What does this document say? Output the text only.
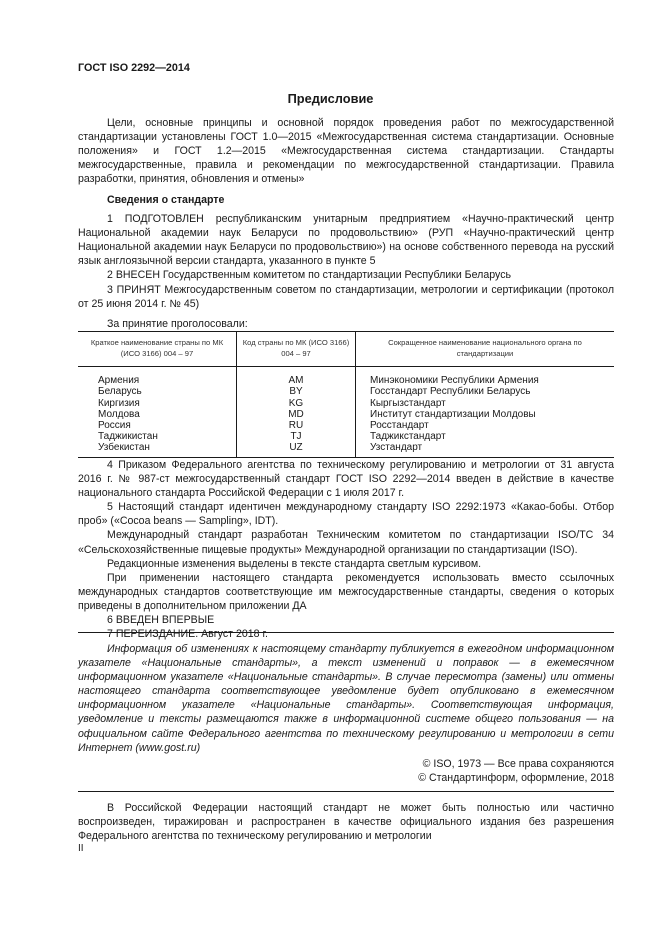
ГОСТ ISO 2292—2014
Предисловие

Цели, основные принципы и основной порядок проведения работ по межгосударственной стандартизации установлены ГОСТ 1.0—2015 «Межгосударственная система стандартизации. Основные положения» и ГОСТ 1.2—2015 «Межгосударственная система стандартизации. Стандарты межгосударственные, правила и рекомендации по межгосударственной стандартизации. Правила разработки, принятия, обновления и отмены»

Сведения о стандарте

1 ПОДГОТОВЛЕН республиканским унитарным предприятием «Научно-практический центр Национальной академии наук Беларуси по продовольствию» (РУП «Научно-практический центр Национальной академии наук Беларуси по продовольствию») на основе собственного перевода на русский язык англоязычной версии стандарта, указанного в пункте 5

2 ВНЕСЕН Государственным комитетом по стандартизации Республики Беларусь

3 ПРИНЯТ Межгосударственным советом по стандартизации, метрологии и сертификации (протокол от 25 июня 2014 г. № 45)

За принятие проголосовали:

Краткое наименование страны по МК (ИСО 3166) 004 – 97	Код страны по МК (ИСО 3166) 004 – 97	Сокращенное наименование национального органа по стандартизации
Армения	AM	Минэкономики Республики Армения
Беларусь	BY	Госстандарт Республики Беларусь
Киргизия	KG	Кыргызстандарт
Молдова	MD	Институт стандартизации Молдовы
Россия	RU	Росстандарт
Таджикистан	TJ	Таджикстандарт
Узбекистан	UZ	Узстандарт

4 Приказом Федерального агентства по техническому регулированию и метрологии от 31 августа 2016 г. № 987-ст межгосударственный стандарт ГОСТ ISO 2292—2014 введен в действие в качестве национального стандарта Российской Федерации с 1 июля 2017 г.

5 Настоящий стандарт идентичен международному стандарту ISO 2292:1973 «Какао-бобы. Отбор проб» («Cocoa beans — Sampling», IDT).

Международный стандарт разработан Техническим комитетом по стандартизации ISO/TC 34 «Сельскохозяйственные пищевые продукты» Международной организации по стандартизации (ISO).

Редакционные изменения выделены в тексте стандарта светлым курсивом.

При применении настоящего стандарта рекомендуется использовать вместо ссылочных международных стандартов соответствующие им межгосударственные стандарты, сведения о которых приведены в дополнительном приложении ДА

6 ВВЕДЕН ВПЕРВЫЕ

7 ПЕРЕИЗДАНИЕ. Август 2018 г.

Информация об изменениях к настоящему стандарту публикуется в ежегодном информационном указателе «Национальные стандарты», а текст изменений и поправок — в ежемесячном информационном указателе «Национальные стандарты». В случае пересмотра (замены) или отмены настоящего стандарта соответствующее уведомление будет опубликовано в ежемесячном информационном указателе «Национальные стандарты». Соответствующая информация, уведомление и тексты размещаются также в информационной системе общего пользования — на официальном сайте Федерального агентства по техническому регулированию и метрологии в сети Интернет (www.gost.ru)

© ISO, 1973 — Все права сохраняются
© Стандартинформ, оформление, 2018

В Российской Федерации настоящий стандарт не может быть полностью или частично воспроизведен, тиражирован и распространен в качестве официального издания без разрешения Федерального агентства по техническому регулированию и метрологии

II
